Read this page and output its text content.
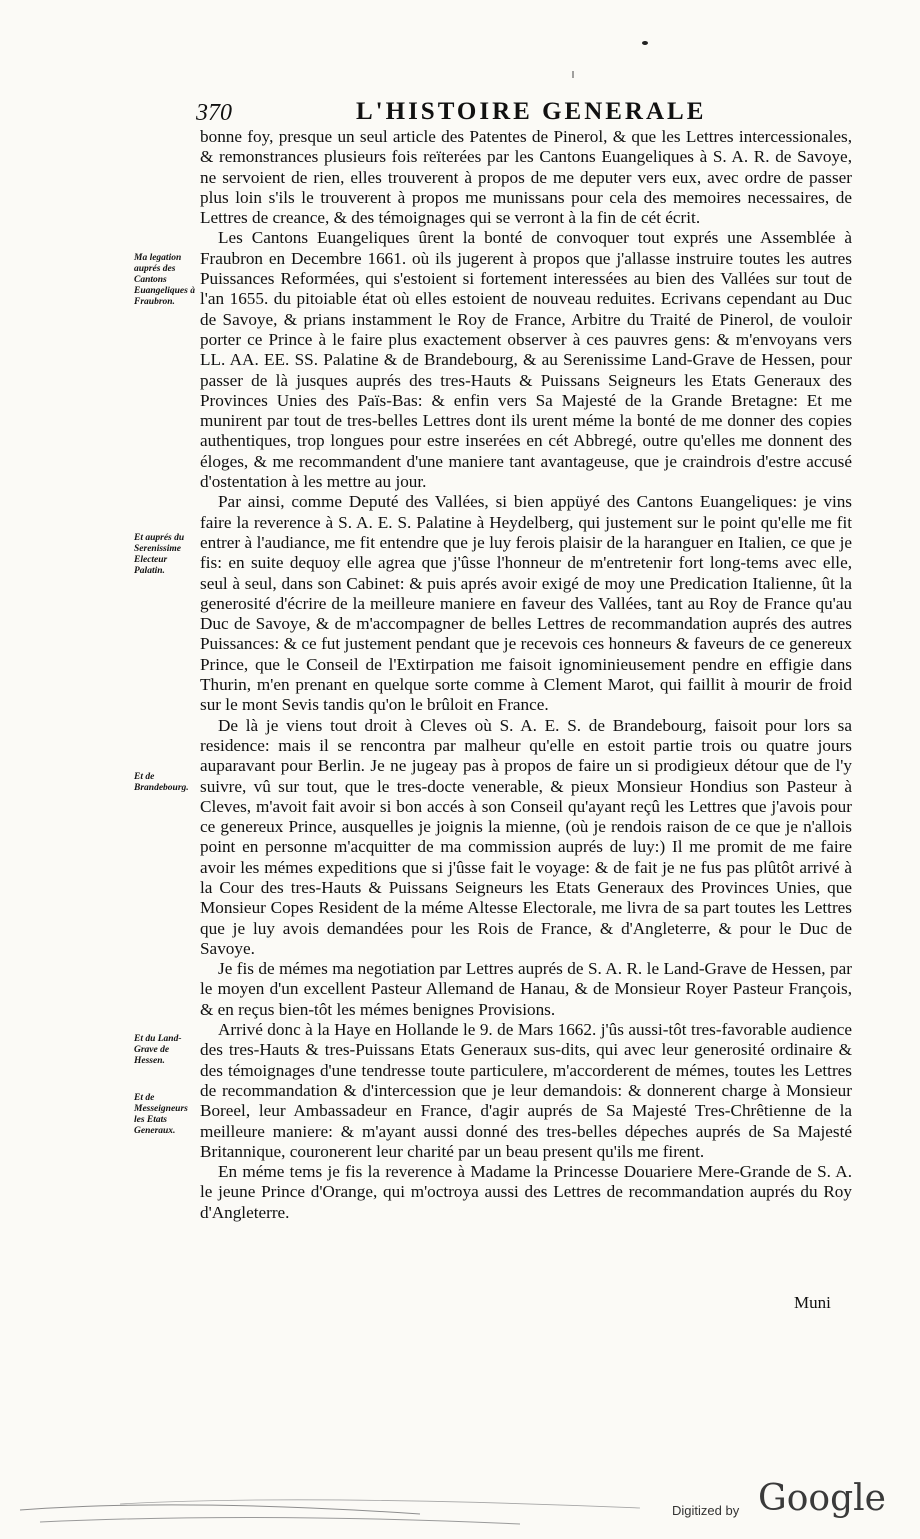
370	L'HISTOIRE GENERALE

bonne foy, presque un seul article des Patentes de Pinerol, & que les Lettres intercessionales, & remonstrances plusieurs fois reïterées par les Cantons Euangeliques à S. A. R. de Savoyе, ne servoient de rien, elles trouverent à propos de me deputer vers eux, avec ordre de passer plus loin s'ils le trouverent à propos me munissans pour cela des memoires necessaires, de Lettres de creance, & des témoignages qui se verront à la fin de cét écrit.

Les Cantons Euangeliques ûrent la bonté de convoquer tout exprés une Assemblée à Fraubron en Decembre 1661. où ils jugerent à propos que j'allasse instruire toutes les autres Puissances Reformées, qui s'estoient si fortement interessées au bien des Vallées sur tout de l'an 1655. du pitoiable état où elles estoient de nouveau reduites. Ecrivans cependant au Duc de Savoye, & prians instamment le Roy de France, Arbitre du Traité de Pinerol, de vouloir porter ce Prince à le faire plus exactement observer à ces pauvres gens: & m'envoyans vers LL. AA. EE. SS. Palatine & de Brandebourg, & au Serenissime Land-Grave de Hessen, pour passer de là jusques auprés des tres-Hauts & Puissans Seigneurs les Etats Generaux des Provinces Unies des Païs-Bas: & enfin vers Sa Majesté de la Grande Bretagne: Et me munirent par tout de tres-belles Lettres dont ils urent méme la bonté de me donner des copies authentiques, trop longues pour estre inserées en cét Abbregé, outre qu'elles me donnent des éloges, & me recommandent d'une maniere tant avantageuse, que je craindrois d'estre accusé d'ostentation à les mettre au jour.

Par ainsi, comme Deputé des Vallées, si bien appüyé des Cantons Euangeliques: je vins faire la reverence à S. A. E. S. Palatine à Heydelberg, qui justement sur le point qu'elle me fit entrer à l'audiance, me fit entendre que je luy ferois plaisir de la haranguer en Italien, ce que je fis: en suite dequoy elle agrea que j'ûsse l'honneur de m'entretenir fort long-tems avec elle, seul à seul, dans son Cabinet: & puis aprés avoir exigé de moy une Predication Italienne, ût la generosité d'écrire de la meilleure maniere en faveur des Vallées, tant au Roy de France qu'au Duc de Savoye, & de m'accompagner de belles Lettres de recommandation auprés des autres Puissances: & ce fut justement pendant que je recevois ces honneurs & faveurs de ce genereux Prince, que le Conseil de l'Extirpation me faisoit ignominieusement pendre en effigie dans Thurin, m'en prenant en quelque sorte comme à Clement Marot, qui faillit à mourir de froid sur le mont Sevis tandis qu'on le brûloit en France.

De là je viens tout droit à Cleves où S. A. E. S. de Brandebourg, faisoit pour lors sa residence: mais il se rencontra par malheur qu'elle en estoit partie trois ou quatre jours auparavant pour Berlin. Je ne jugeay pas à propos de faire un si prodigieux détour que de l'y suivre, vû sur tout, que le tres-docte venerable, & pieux Monsieur Hondius son Pasteur à Cleves, m'avoit fait avoir si bon accés à son Conseil qu'ayant reçû les Lettres que j'avois pour ce genereux Prince, ausquelles je joignis la mienne, (où je rendois raison de ce que je n'allois point en personne m'acquitter de ma commission auprés de luy:) Il me promit de me faire avoir les mémes expeditions que si j'ûsse fait le voyage: & de fait je ne fus pas plûtôt arrivé à la Cour des tres-Hauts & Puissans Seigneurs les Etats Generaux des Provinces Unies, que Monsieur Copes Resident de la méme Altesse Electorale, me livra de sa part toutes les Lettres que je luy avois demandées pour les Rois de France, & d'Angleterre, & pour le Duc de Savoye.

Je fis de mémes ma negotiation par Lettres auprés de S. A. R. le Land-Grave de Hessen, par le moyen d'un excellent Pasteur Allemand de Hanau, & de Monsieur Royer Pasteur François, & en reçus bien-tôt les mémes benignes Provisions.

Arrivé donc à la Haye en Hollande le 9. de Mars 1662. j'ûs aussi-tôt tres-favorable audience des tres-Hauts & tres-Puissans Etats Generaux sus-dits, qui avec leur generosité ordinaire & des témoignages d'une tendresse toute particulere, m'accorderent de mémes, toutes les Lettres de recommandation & d'intercession que je leur demandois: & donnerent charge à Monsieur Boreel, leur Ambassadeur en France, d'agir auprés de Sa Majesté Tres-Chrêtienne de la meilleure maniere: & m'ayant aussi donné des tres-belles dépeches auprés de Sa Majesté Britannique, couronerent leur charité par un beau present qu'ils me firent.

En méme tems je fis la reverence à Madame la Princesse Douariere Mere-Grande de S. A. le jeune Prince d'Orange, qui m'octroya aussi des Lettres de recommandation auprés du Roy d'Angleterre.

Ma legation auprés des Cantons Euangeliques à Fraubron.
Et auprés du Serenissime Electeur Palatin.
Et de Brandebourg.
Et du Land-Grave de Hessen.
Et de Messeigneurs les Etats Generaux.
Muni
Digitized by Google
